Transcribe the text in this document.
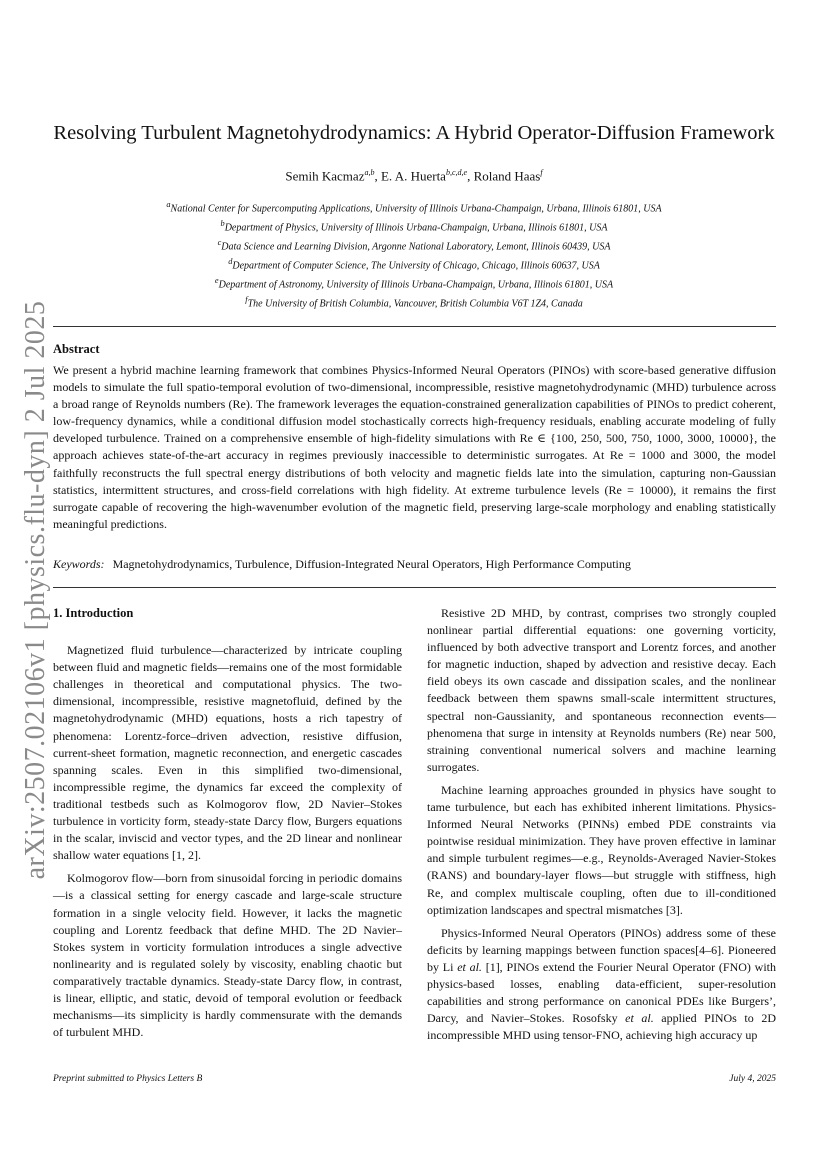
arXiv:2507.02106v1 [physics.flu-dyn] 2 Jul 2025
Resolving Turbulent Magnetohydrodynamics: A Hybrid Operator-Diffusion Framework
Semih Kacmaz$^{a,b}$, E. A. Huerta$^{b,c,d,e}$, Roland Haas$^f$
$^a$National Center for Supercomputing Applications, University of Illinois Urbana-Champaign, Urbana, Illinois 61801, USA
$^b$Department of Physics, University of Illinois Urbana-Champaign, Urbana, Illinois 61801, USA
$^c$Data Science and Learning Division, Argonne National Laboratory, Lemont, Illinois 60439, USA
$^d$Department of Computer Science, The University of Chicago, Chicago, Illinois 60637, USA
$^e$Department of Astronomy, University of Illinois Urbana-Champaign, Urbana, Illinois 61801, USA
$^f$The University of British Columbia, Vancouver, British Columbia V6T 1Z4, Canada
Abstract
We present a hybrid machine learning framework that combines Physics-Informed Neural Operators (PINOs) with score-based generative diffusion models to simulate the full spatio-temporal evolution of two-dimensional, incompressible, resistive magnetohydrodynamic (MHD) turbulence across a broad range of Reynolds numbers (Re). The framework leverages the equation-constrained generalization capabilities of PINOs to predict coherent, low-frequency dynamics, while a conditional diffusion model stochastically corrects high-frequency residuals, enabling accurate modeling of fully developed turbulence. Trained on a comprehensive ensemble of high-fidelity simulations with Re ∈ {100, 250, 500, 750, 1000, 3000, 10000}, the approach achieves state-of-the-art accuracy in regimes previously inaccessible to deterministic surrogates. At Re = 1000 and 3000, the model faithfully reconstructs the full spectral energy distributions of both velocity and magnetic fields late into the simulation, capturing non-Gaussian statistics, intermittent structures, and cross-field correlations with high fidelity. At extreme turbulence levels (Re = 10000), it remains the first surrogate capable of recovering the high-wavenumber evolution of the magnetic field, preserving large-scale morphology and enabling statistically meaningful predictions.
Keywords: Magnetohydrodynamics, Turbulence, Diffusion-Integrated Neural Operators, High Performance Computing
1. Introduction

Magnetized fluid turbulence—characterized by intricate coupling between fluid and magnetic fields—remains one of the most formidable challenges in theoretical and computational physics. The two-dimensional, incompressible, resistive magnetofluid, defined by the magnetohydrodynamic (MHD) equations, hosts a rich tapestry of phenomena: Lorentz-force–driven advection, resistive diffusion, current-sheet formation, magnetic reconnection, and energetic cascades spanning scales. Even in this simplified two-dimensional, incompressible regime, the dynamics far exceed the complexity of traditional testbeds such as Kolmogorov flow, 2D Navier–Stokes turbulence in vorticity form, steady-state Darcy flow, Burgers equations in the scalar, inviscid and vector types, and the 2D linear and nonlinear shallow water equations [1, 2].

Kolmogorov flow—born from sinusoidal forcing in periodic domains—is a classical setting for energy cascade and large-scale structure formation in a single velocity field. However, it lacks the magnetic coupling and Lorentz feedback that define MHD. The 2D Navier–Stokes system in vorticity formulation introduces a single advective nonlinearity and is regulated solely by viscosity, enabling chaotic but comparatively tractable dynamics. Steady-state Darcy flow, in contrast, is linear, elliptic, and static, devoid of temporal evolution or feedback mechanisms—its simplicity is hardly commensurate with the demands of turbulent MHD.

Resistive 2D MHD, by contrast, comprises two strongly coupled nonlinear partial differential equations: one governing vorticity, influenced by both advective transport and Lorentz forces, and another for magnetic induction, shaped by advection and resistive decay. Each field obeys its own cascade and dissipation scales, and the nonlinear feedback between them spawns small-scale intermittent structures, spectral non-Gaussianity, and spontaneous reconnection events—phenomena that surge in intensity at Reynolds numbers (Re) near 500, straining conventional numerical solvers and machine learning surrogates.

Machine learning approaches grounded in physics have sought to tame turbulence, but each has exhibited inherent limitations. Physics-Informed Neural Networks (PINNs) embed PDE constraints via pointwise residual minimization. They have proven effective in laminar and simple turbulent regimes—e.g., Reynolds-Averaged Navier-Stokes (RANS) and boundary-layer flows—but struggle with stiffness, high Re, and complex multiscale coupling, often due to ill-conditioned optimization landscapes and spectral mismatches [3].

Physics-Informed Neural Operators (PINOs) address some of these deficits by learning mappings between function spaces[4–6]. Pioneered by Li et al. [1], PINOs extend the Fourier Neural Operator (FNO) with physics-based losses, enabling data-efficient, super-resolution capabilities and strong performance on canonical PDEs like Burgers’, Darcy, and Navier–Stokes. Rosofsky et al. applied PINOs to 2D incompressible MHD using tensor-FNO, achieving high accuracy up

Preprint submitted to Physics Letters B	July 4, 2025
